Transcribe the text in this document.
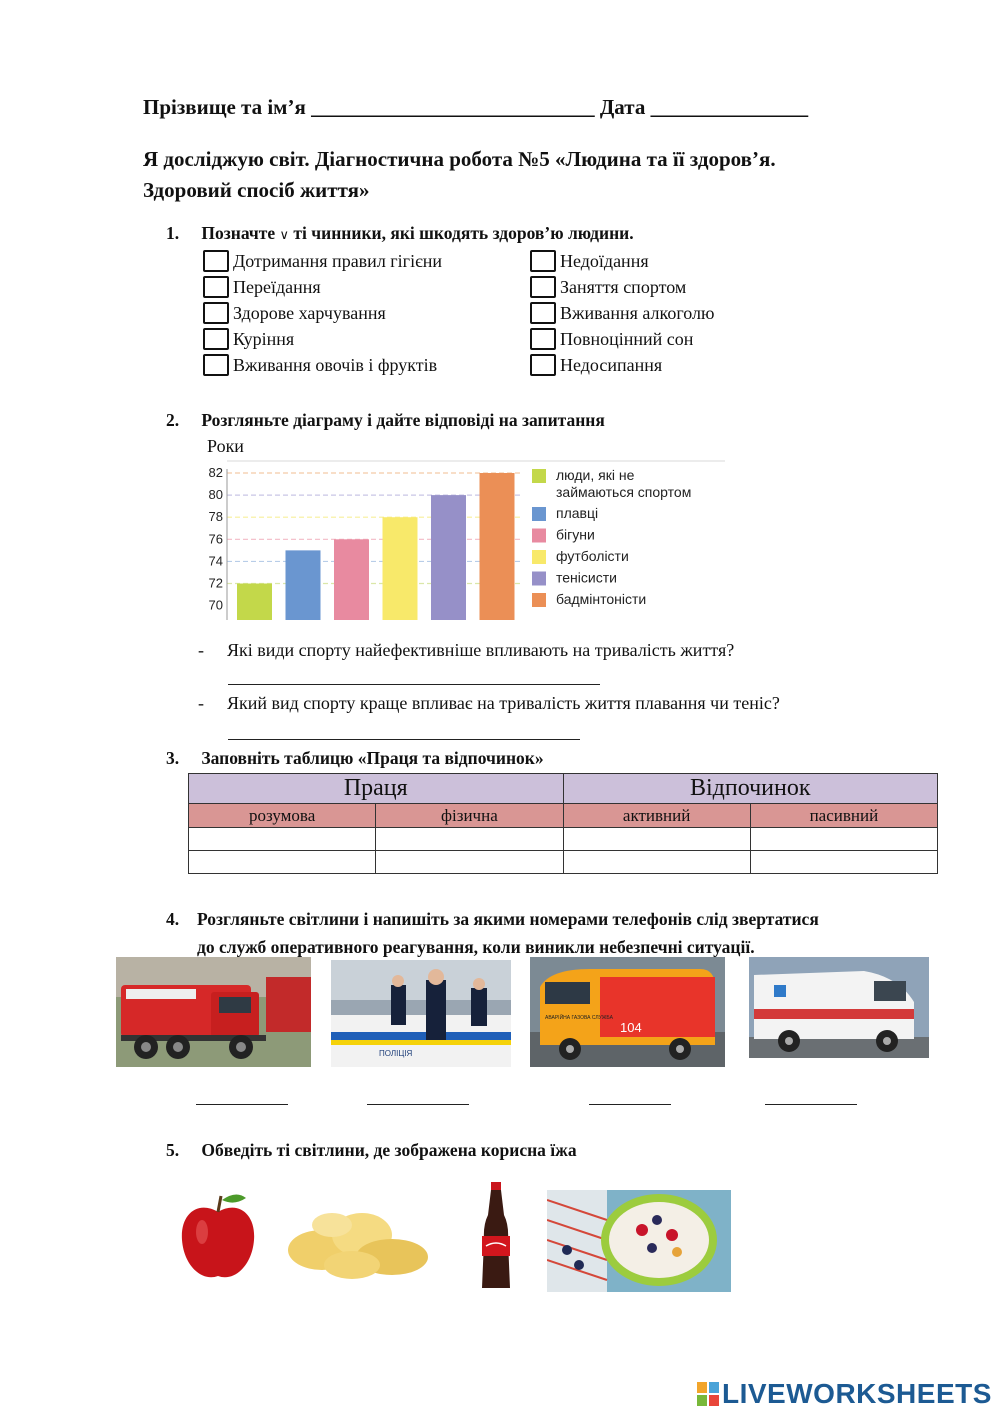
Прізвище та ім’я ___________________________ Дата _______________
Я досліджую світ. Діагностична робота №5 «Людина та її здоров’я.
Здоровий спосіб життя»
1. Позначте ∨ ті чинники, які шкодять здоров’ю людини.
Дотримання правил гігієни
Переїдання
Здорове харчування
Куріння
Вживання овочів і фруктів
Недоїдання
Заняття спортом
Вживання алкоголю
Повноцінний сон
Недосипання
2. Розгляньте діаграму і дайте відповіді на запитання
Роки
70
72
74
76
78
80
82	люди, які не
займаються спортом
плавці
бігуни
футболісти
тенісисти
бадмінтоністи
- Які види спорту найефективніше впливають на тривалість життя?
- Який вид спорту краще впливає на тривалість життя плавання чи теніс?
3. Заповніть таблицю «Праця та відпочинок»
Праця		Відпочинок	
розумова	фізична	активний	пасивний

4. Розгляньте світлини і напишіть за якими номерами телефонів слід звертатися
до служб оперативного реагування, коли виникли небезпечні ситуації.
ПОЛІЦІЯ
104
АВАРІЙНА ГАЗОВА СЛУЖБА
5. Обведіть ті світлини, де зображена корисна їжа
LIVEWORKSHEETS
